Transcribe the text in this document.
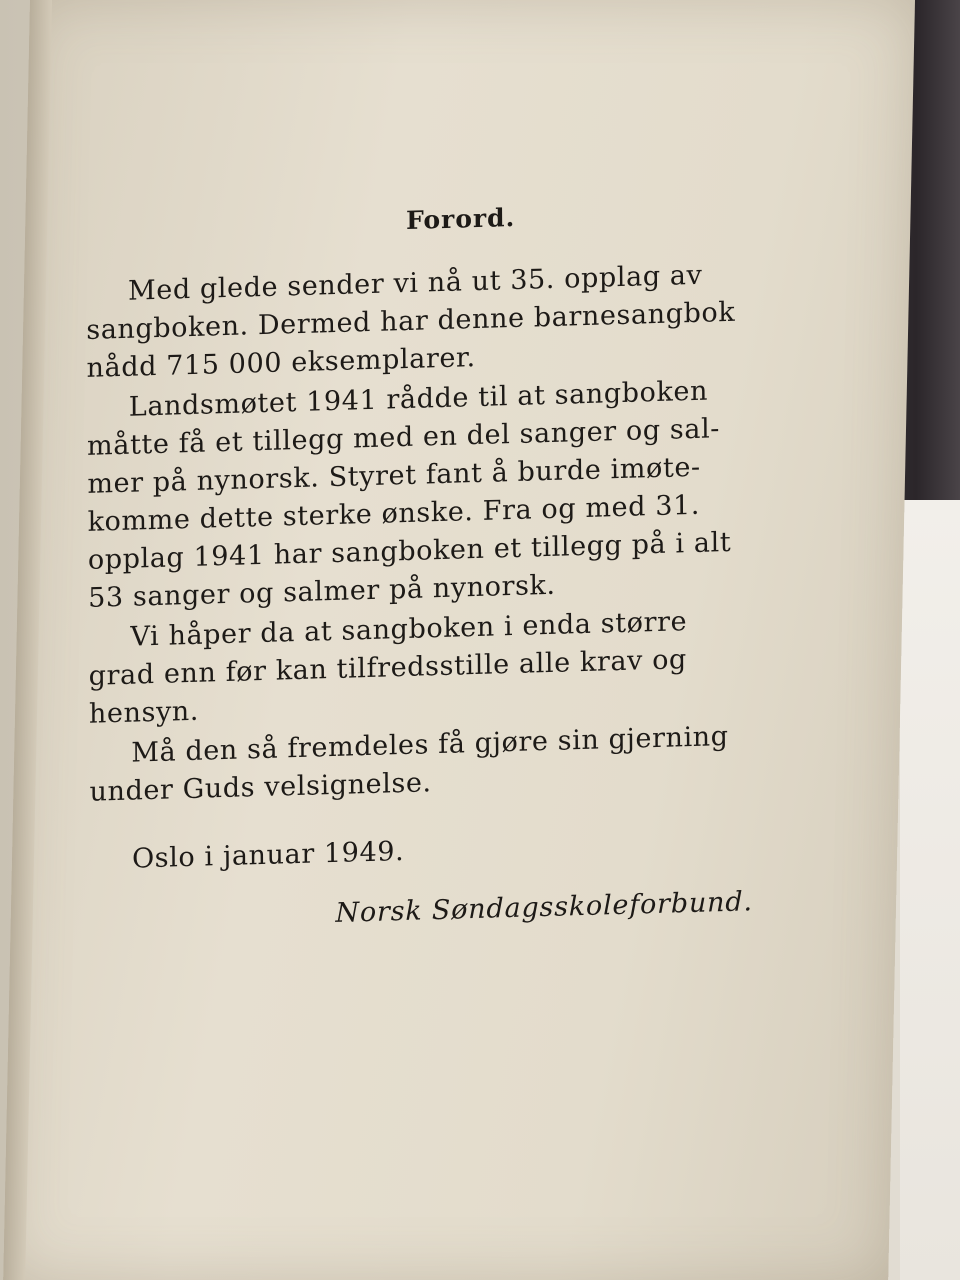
Forord.
Med glede sender vi nå ut 35. opplag av
sangboken. Dermed har denne barnesangbok
nådd 715 000 eksemplarer.
Landsmøtet 1941 rådde til at sangboken
måtte få et tillegg med en del sanger og sal-
mer på nynorsk. Styret fant å burde imøte-
komme dette sterke ønske. Fra og med 31.
opplag 1941 har sangboken et tillegg på i alt
53 sanger og salmer på nynorsk.
Vi håper da at sangboken i enda større
grad enn før kan tilfredsstille alle krav og
hensyn.
Må den så fremdeles få gjøre sin gjerning
under Guds velsignelse.
Oslo i januar 1949.
Norsk Søndagsskoleforbund.
